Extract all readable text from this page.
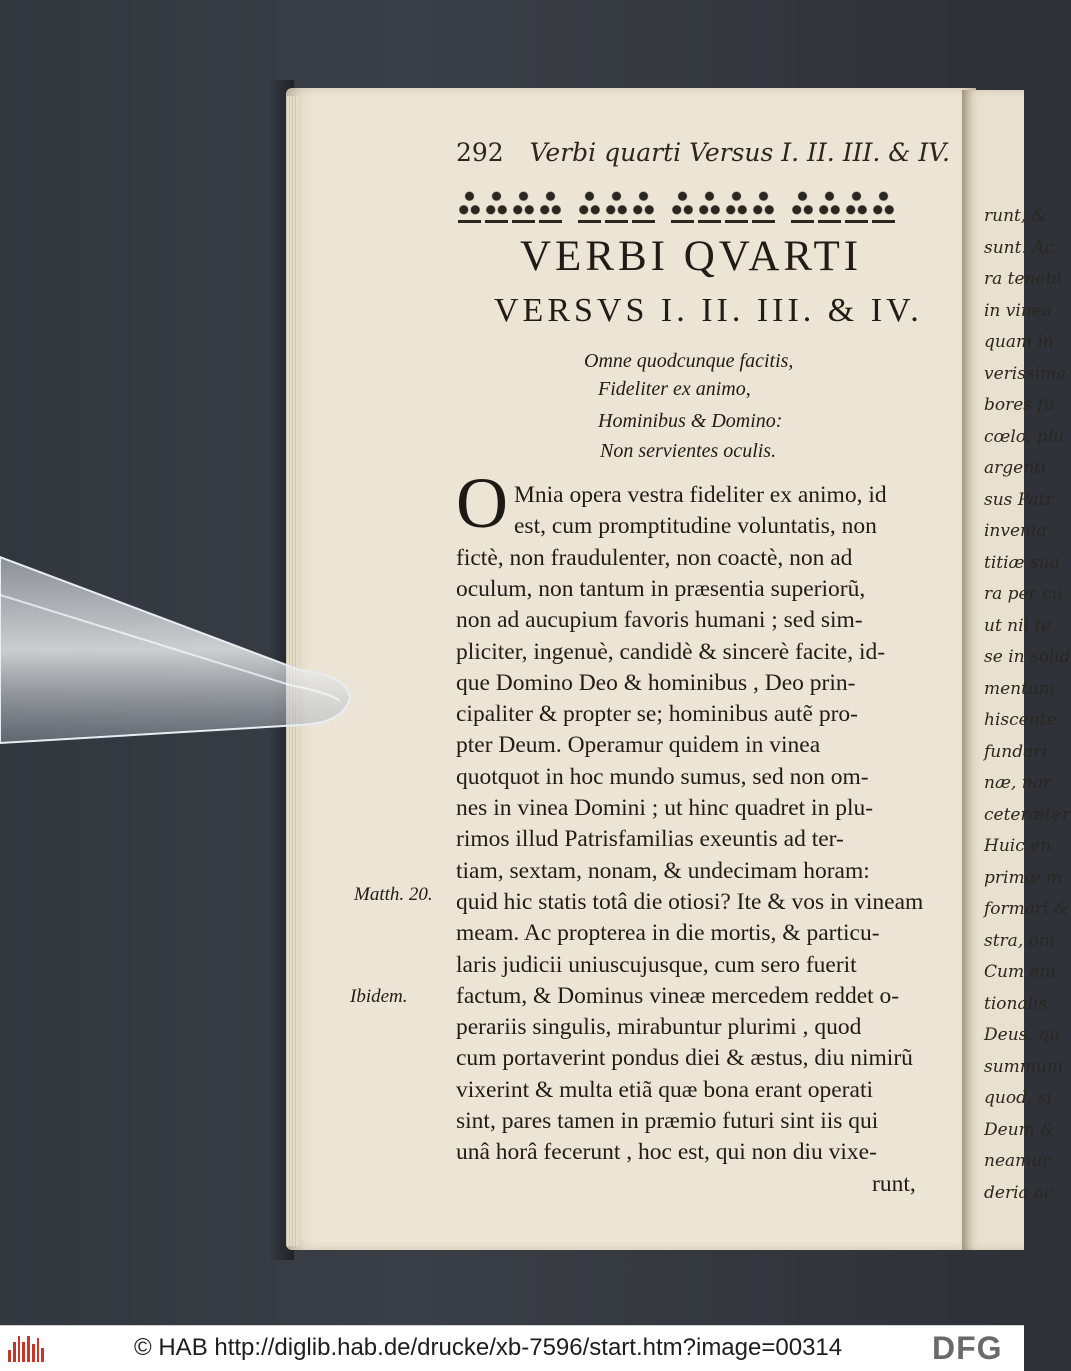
runt, &
sunt. Ac
ra tenebi
in vinea
quam in
verissima
bores fu
cœlo, plu
argenti
sus Patr
invenia
titiæ sua
ra per cu
ut nil te
se in solid
mentum
hiscente
fundari
næ, nor
ceteræter
Huic en
primæ m
formari &
stra, om
Cum eni
tionalis
Deus, qu
summum
quod, si
Deum &
neamur
deria ac
292 Verbi quarti Versus I. II. III. & IV.
VERBI QVARTI
VERSVS I. II. III. & IV.
Omne quodcunque facitis,
Fideliter ex animo,
Hominibus & Domino:
Non servientes oculis.
O Mnia opera vestra fideliter ex animo, id
est, cum promptitudine voluntatis, non
fictè, non fraudulenter, non coactè, non ad
oculum, non tantum in præsentia superiorũ,
non ad aucupium favoris humani ; sed sim-
pliciter, ingenuè, candidè & sincerè facite, id-
que Domino Deo & hominibus , Deo prin-
cipaliter & propter se; hominibus autẽ pro-
pter Deum. Operamur quidem in vinea
quotquot in hoc mundo sumus, sed non om-
nes in vinea Domini ; ut hinc quadret in plu-
rimos illud Patrisfamilias exeuntis ad ter-
tiam, sextam, nonam, & undecimam horam:
quid hic statis totâ die otiosi? Ite & vos in vineam
meam. Ac propterea in die mortis, & particu-
laris judicii uniuscujusque, cum sero fuerit
factum, & Dominus vineæ mercedem reddet o-
perariis singulis, mirabuntur plurimi , quod
cum portaverint pondus diei & æstus, diu nimirũ
vixerint & multa etiã quæ bona erant operati
sint, pares tamen in præmio futuri sint iis qui
unâ horâ fecerunt , hoc est, qui non diu vixe-
runt,
Matth. 20.
Ibidem.
© HAB http://diglib.hab.de/drucke/xb-7596/start.htm?image=00314	DFG
